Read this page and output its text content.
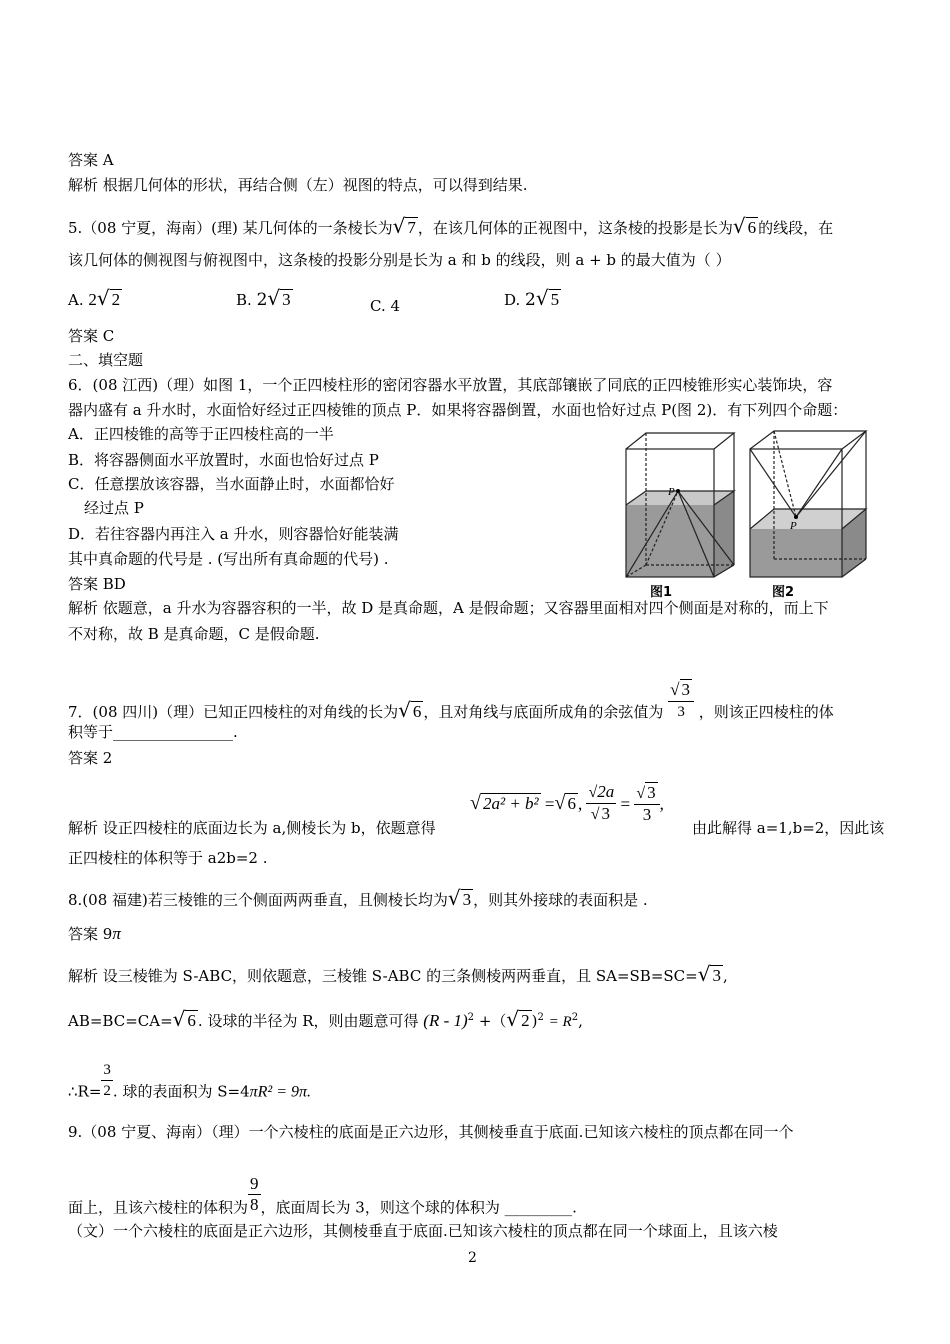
答案 A
解析 根据几何体的形状，再结合侧（左）视图的特点，可以得到结果.
5.（08 宁夏，海南）(理) 某几何体的一条棱长为√ 7 ，在该几何体的正视图中，这条棱的投影是长为√ 6 的线段，在
该几何体的侧视图与俯视图中，这条棱的投影分别是长为 a 和 b 的线段，则 a + b 的最大值为（ ）
A. 2√ 2	B. 2√ 3	C. 4	D. 2√ 5
答案 C
二、填空题
6．(08 江西)（理）如图 1，一个正四棱柱形的密闭容器水平放置，其底部镶嵌了同底的正四棱锥形实心装饰块，容
器内盛有 a 升水时，水面恰好经过正四棱锥的顶点 P．如果将容器倒置，水面也恰好过点 P(图 2)．有下列四个命题：
A．正四棱锥的高等于正四棱柱高的一半
B．将容器侧面水平放置时，水面也恰好过点 P
C．任意摆放该容器，当水面静止时，水面都恰好
经过点 P
D．若往容器内再注入 a 升水，则容器恰好能装满
其中真命题的代号是 . (写出所有真命题的代号) .
答案 BD
解析 依题意，a 升水为容器容积的一半，故 D 是真命题，A 是假命题；又容器里面相对四个侧面是对称的，而上下
不对称，故 B 是真命题，C 是假命题.
P
图1
P
图2
7．(08 四川)（理）已知正四棱柱的对角线的长为√ 6 ，且对角线与底面所成角的余弦值为 $\frac{√ 3}{3}$ ，则该正四棱柱的体
积等于________________.
答案 2
√ 2a² + b² =√ 6 , $\frac{√2a}{√ 3} = \frac{√ 3}{3}$ ,
解析 设正四棱柱的底面边长为 a,侧棱长为 b，依题意得	由此解得 a=1,b=2，因此该
正四棱柱的体积等于 a2b=2 .
8.(08 福建)若三棱锥的三个侧面两两垂直，且侧棱长均为√ 3 ，则其外接球的表面积是 .
答案 9π
解析 设三棱锥为 S-ABC，则依题意，三棱锥 S-ABC 的三条侧棱两两垂直，且 SA=SB=SC=√ 3 ,
AB=BC=CA=√ 6 . 设球的半径为 R，则由题意可得 (R - 1)$^2$ +（√ 2 )$^2 = R^2$,
∴R= $\frac{3}{2}$ . 球的表面积为 S=4πR² = 9π.
9.（08 宁夏、海南）（理）一个六棱柱的底面是正六边形，其侧棱垂直于底面.已知该六棱柱的顶点都在同一个
面上，且该六棱柱的体积为 $\frac{9}{8}$ ，底面周长为 3，则这个球的体积为 _________.
（文）一个六棱柱的底面是正六边形，其侧棱垂直于底面.已知该六棱柱的顶点都在同一个球面上，且该六棱
2
